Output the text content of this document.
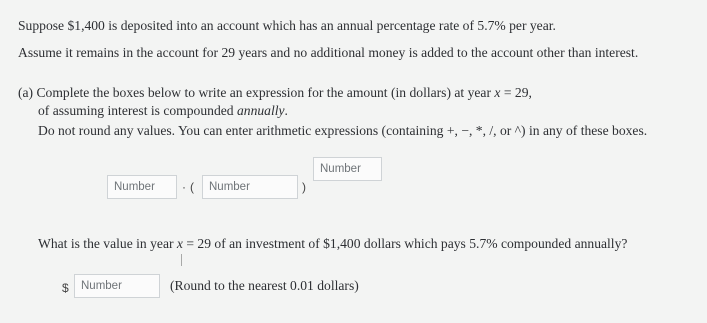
Suppose $1,400 is deposited into an account which has an annual percentage rate of 5.7% per year.
Assume it remains in the account for 29 years and no additional money is added to the account other than interest.
(a) Complete the boxes below to write an expression for the amount (in dollars) at year x = 29,
of assuming interest is compounded annually.
Do not round any values. You can enter arithmetic expressions (containing +, −, *, /, or ^) in any of these boxes.
Number
Number
· (
Number	)
What is the value in year x = 29 of an investment of $1,400 dollars which pays 5.7% compounded annually?
$
Number	(Round to the nearest 0.01 dollars)
